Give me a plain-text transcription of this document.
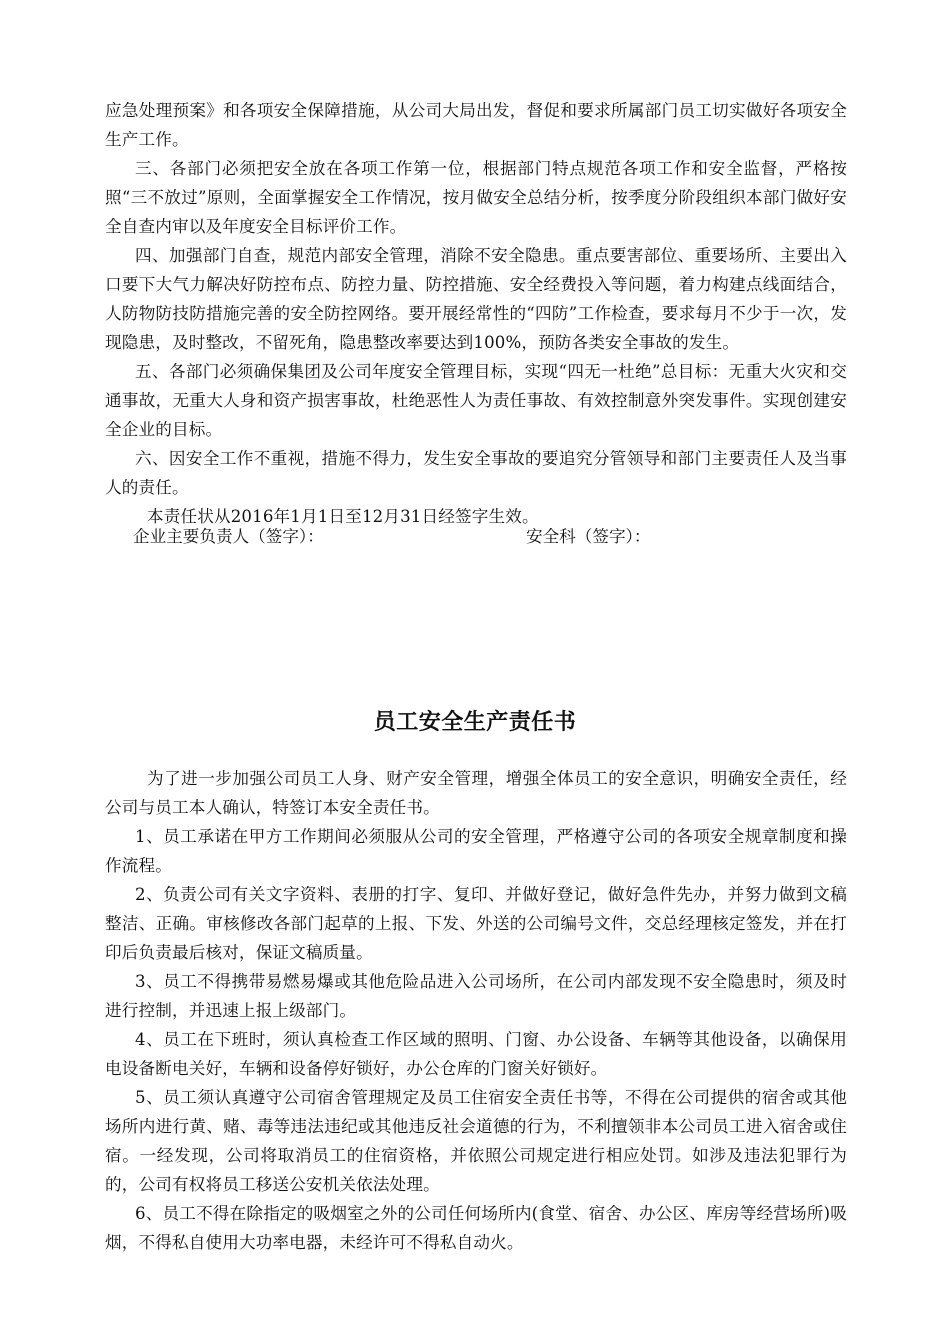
应急处理预案》和各项安全保障措施，从公司大局出发，督促和要求所属部门员工切实做好各项安全生产工作。

三、各部门必须把安全放在各项工作第一位，根据部门特点规范各项工作和安全监督，严格按照“三不放过”原则，全面掌握安全工作情况，按月做安全总结分析，按季度分阶段组织本部门做好安全自查内审以及年度安全目标评价工作。

四、加强部门自查，规范内部安全管理，消除不安全隐患。重点要害部位、重要场所、主要出入口要下大气力解决好防控布点、防控力量、防控措施、安全经费投入等问题，着力构建点线面结合，人防物防技防措施完善的安全防控网络。要开展经常性的“四防”工作检查，要求每月不少于一次，发现隐患，及时整改，不留死角，隐患整改率要达到100%，预防各类安全事故的发生。

五、各部门必须确保集团及公司年度安全管理目标，实现“四无一杜绝”总目标：无重大火灾和交通事故，无重大人身和资产损害事故，杜绝恶性人为责任事故、有效控制意外突发事件。实现创建安全企业的目标。

六、因安全工作不重视，措施不得力，发生安全事故的要追究分管领导和部门主要责任人及当事人的责任。

本责任状从2016年1月1日至12月31日经签字生效。

企业主要负责人（签字）：	安全科（签字）：
员工安全生产责任书

为了进一步加强公司员工人身、财产安全管理，增强全体员工的安全意识，明确安全责任，经公司与员工本人确认，特签订本安全责任书。

1、员工承诺在甲方工作期间必须服从公司的安全管理，严格遵守公司的各项安全规章制度和操作流程。

2、负责公司有关文字资料、表册的打字、复印、并做好登记，做好急件先办，并努力做到文稿整洁、正确。审核修改各部门起草的上报、下发、外送的公司编号文件，交总经理核定签发，并在打印后负责最后核对，保证文稿质量。

3、员工不得携带易燃易爆或其他危险品进入公司场所，在公司内部发现不安全隐患时，须及时进行控制，并迅速上报上级部门。

4、员工在下班时，须认真检查工作区域的照明、门窗、办公设备、车辆等其他设备，以确保用电设备断电关好，车辆和设备停好锁好，办公仓库的门窗关好锁好。

5、员工须认真遵守公司宿舍管理规定及员工住宿安全责任书等，不得在公司提供的宿舍或其他场所内进行黄、赌、毒等违法违纪或其他违反社会道德的行为，不利擅领非本公司员工进入宿舍或住宿。一经发现，公司将取消员工的住宿资格，并依照公司规定进行相应处罚。如涉及违法犯罪行为的，公司有权将员工移送公安机关依法处理。

6、员工不得在除指定的吸烟室之外的公司任何场所内(食堂、宿舍、办公区、库房等经营场所)吸烟，不得私自使用大功率电器，未经许可不得私自动火。
